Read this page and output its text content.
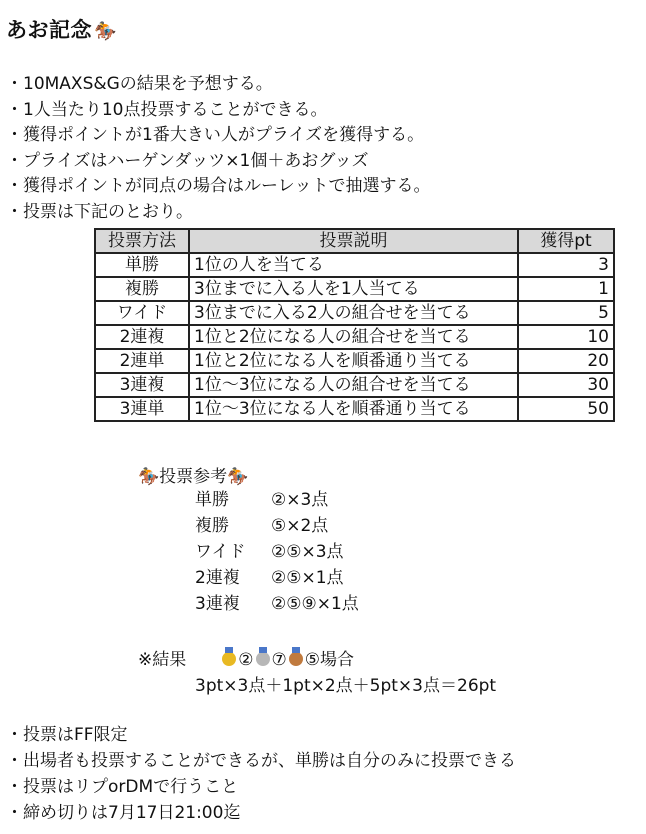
あお記念 🏇
・10MAXS&Gの結果を予想する。
・1人当たり10点投票することができる。
・獲得ポイントが1番大きい人がプライズを獲得する。
・プライズはハーゲンダッツ×1個＋あおグッズ
・獲得ポイントが同点の場合はルーレットで抽選する。
・投票は下記のとおり。
投票方法	投票説明	獲得pt
単勝	1位の人を当てる	3
複勝	3位までに入る人を1人当てる	1
ワイド	3位までに入る2人の組合せを当てる	5
2連複	1位と2位になる人の組合せを当てる	10
2連単	1位と2位になる人を順番通り当てる	20
3連複	1位～3位になる人の組合せを当てる	30
3連単	1位～3位になる人を順番通り当てる	50
🏇投票参考🏇
単勝 ②×3点
複勝 ⑤×2点
ワイド ②⑤×3点
2連複 ②⑤×1点
3連複 ②⑤⑨×1点
※結果	② ⑦ ⑤場合
3pt×3点＋1pt×2点＋5pt×3点＝26pt
・投票はFF限定
・出場者も投票することができるが、単勝は自分のみに投票できる
・投票はリプorDMで行うこと
・締め切りは7月17日21:00迄
